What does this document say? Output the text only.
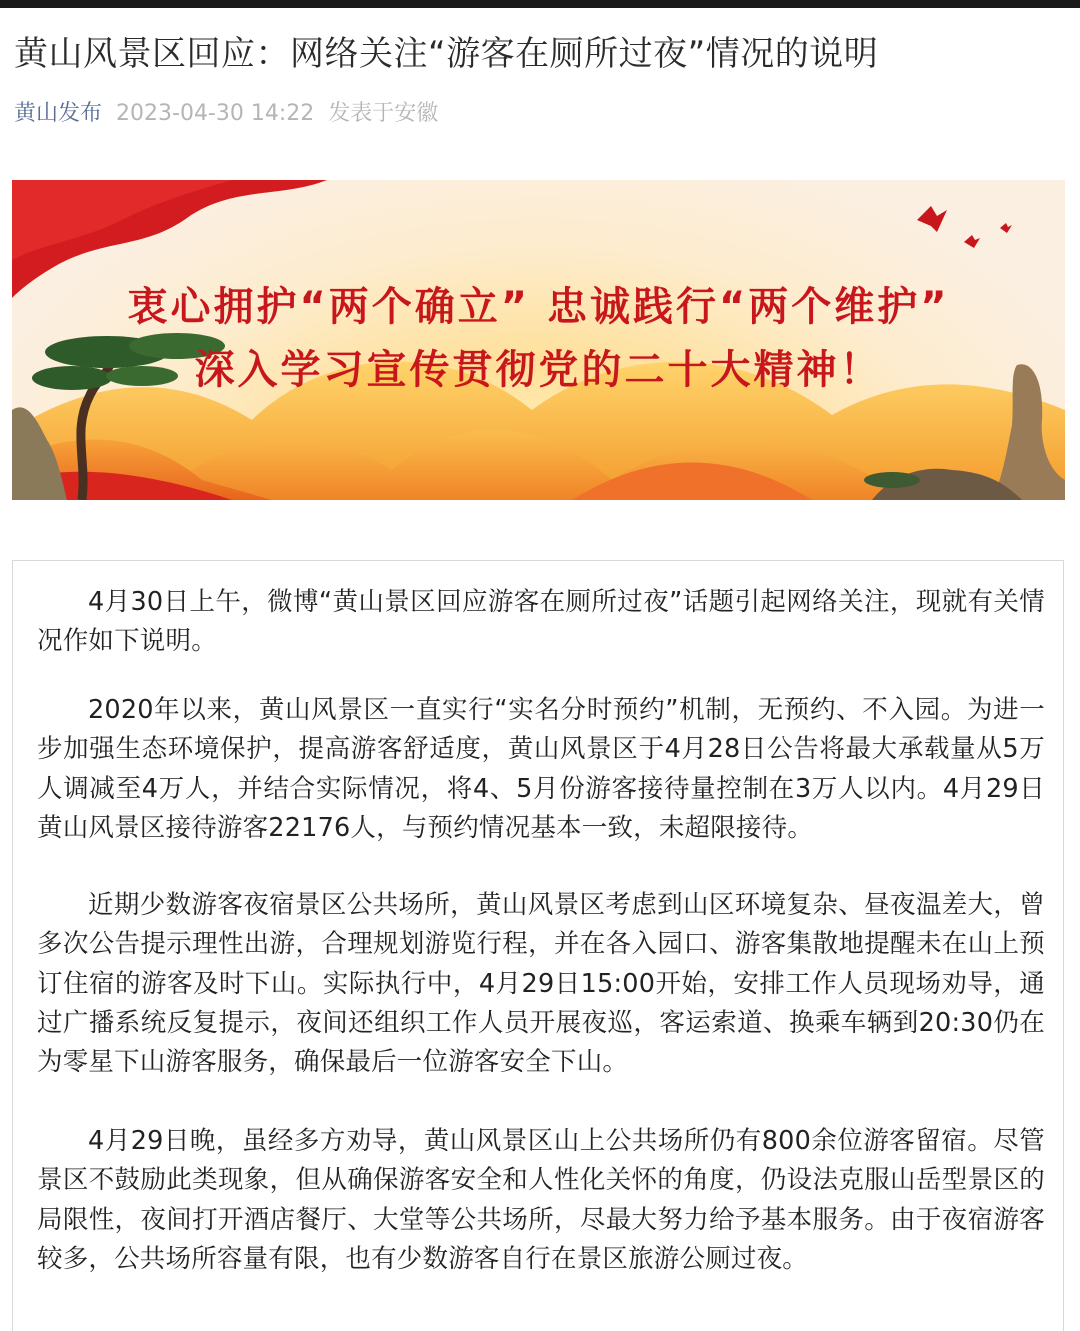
黄山风景区回应：网络关注“游客在厕所过夜”情况的说明
黄山发布 2023-04-30 14:22 发表于安徽
衷心拥护“两个确立” 忠诚践行“两个维护”
深入学习宣传贯彻党的二十大精神！
4月30日上午，微博“黄山景区回应游客在厕所过夜”话题引起网络关注，现就有关情况作如下说明。
2020年以来，黄山风景区一直实行“实名分时预约”机制，无预约、不入园。为进一步加强生态环境保护，提高游客舒适度，黄山风景区于4月28日公告将最大承载量从5万人调减至4万人，并结合实际情况，将4、5月份游客接待量控制在3万人以内。4月29日黄山风景区接待游客22176人，与预约情况基本一致，未超限接待。
近期少数游客夜宿景区公共场所，黄山风景区考虑到山区环境复杂、昼夜温差大，曾多次公告提示理性出游，合理规划游览行程，并在各入园口、游客集散地提醒未在山上预订住宿的游客及时下山。实际执行中，4月29日15:00开始，安排工作人员现场劝导，通过广播系统反复提示，夜间还组织工作人员开展夜巡，客运索道、换乘车辆到20:30仍在为零星下山游客服务，确保最后一位游客安全下山。
4月29日晚，虽经多方劝导，黄山风景区山上公共场所仍有800余位游客留宿。尽管景区不鼓励此类现象，但从确保游客安全和人性化关怀的角度，仍设法克服山岳型景区的局限性，夜间打开酒店餐厅、大堂等公共场所，尽最大努力给予基本服务。由于夜宿游客较多，公共场所容量有限，也有少数游客自行在景区旅游公厕过夜。
